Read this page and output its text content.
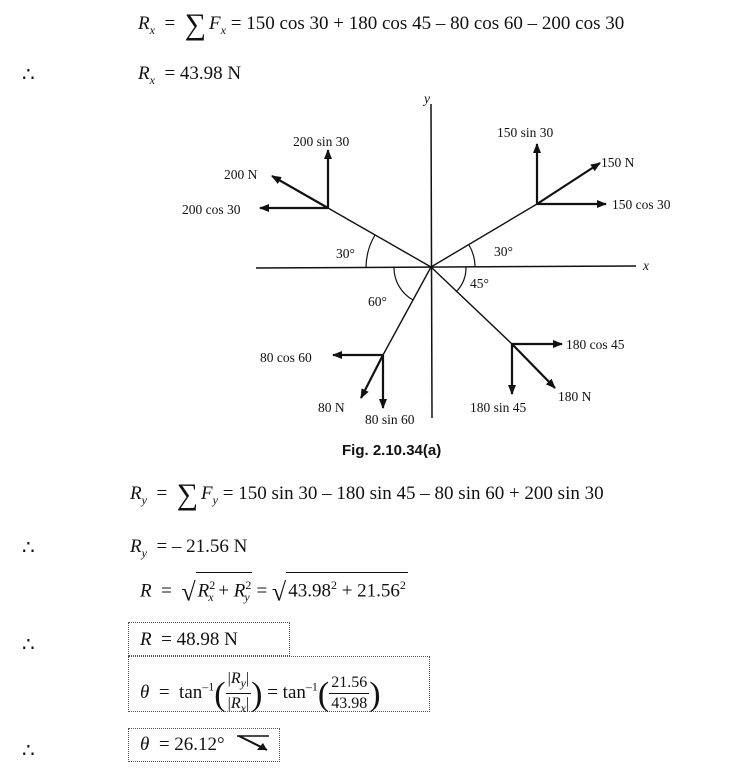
$R_x$  =  ∑ $F_x = 150$ cos 30 + 180 cos 45 – 80 cos 60 – 200 cos 30
∴	$R_x = 43.98$ N
x
y
200 sin 30
200 N
200 cos 30
150 sin 30
150 N
150 cos 30
30°	30°
60°
45°
180 cos 45
180 N
180 sin 45
80 cos 60
80 N
80 sin 60
Fig. 2.10.34(a)
$R_y$  =  ∑ $F_y = 150$ sin 30 – 180 sin 45 – 80 sin 60 + 200 sin 30
∴	$R_y$ = – 21.56 N
R  =  √ $R^2_x + R^2_y$ = √ $43.98^2 + 21.56^2$
∴	R = 48.98 N
$\theta = \tan^{-1}( \frac{|R_y|}{|R_x|}$ ) = $\tan^{-1}( \frac{21.56}{43.98}$ )
∴	θ = 26.12°
